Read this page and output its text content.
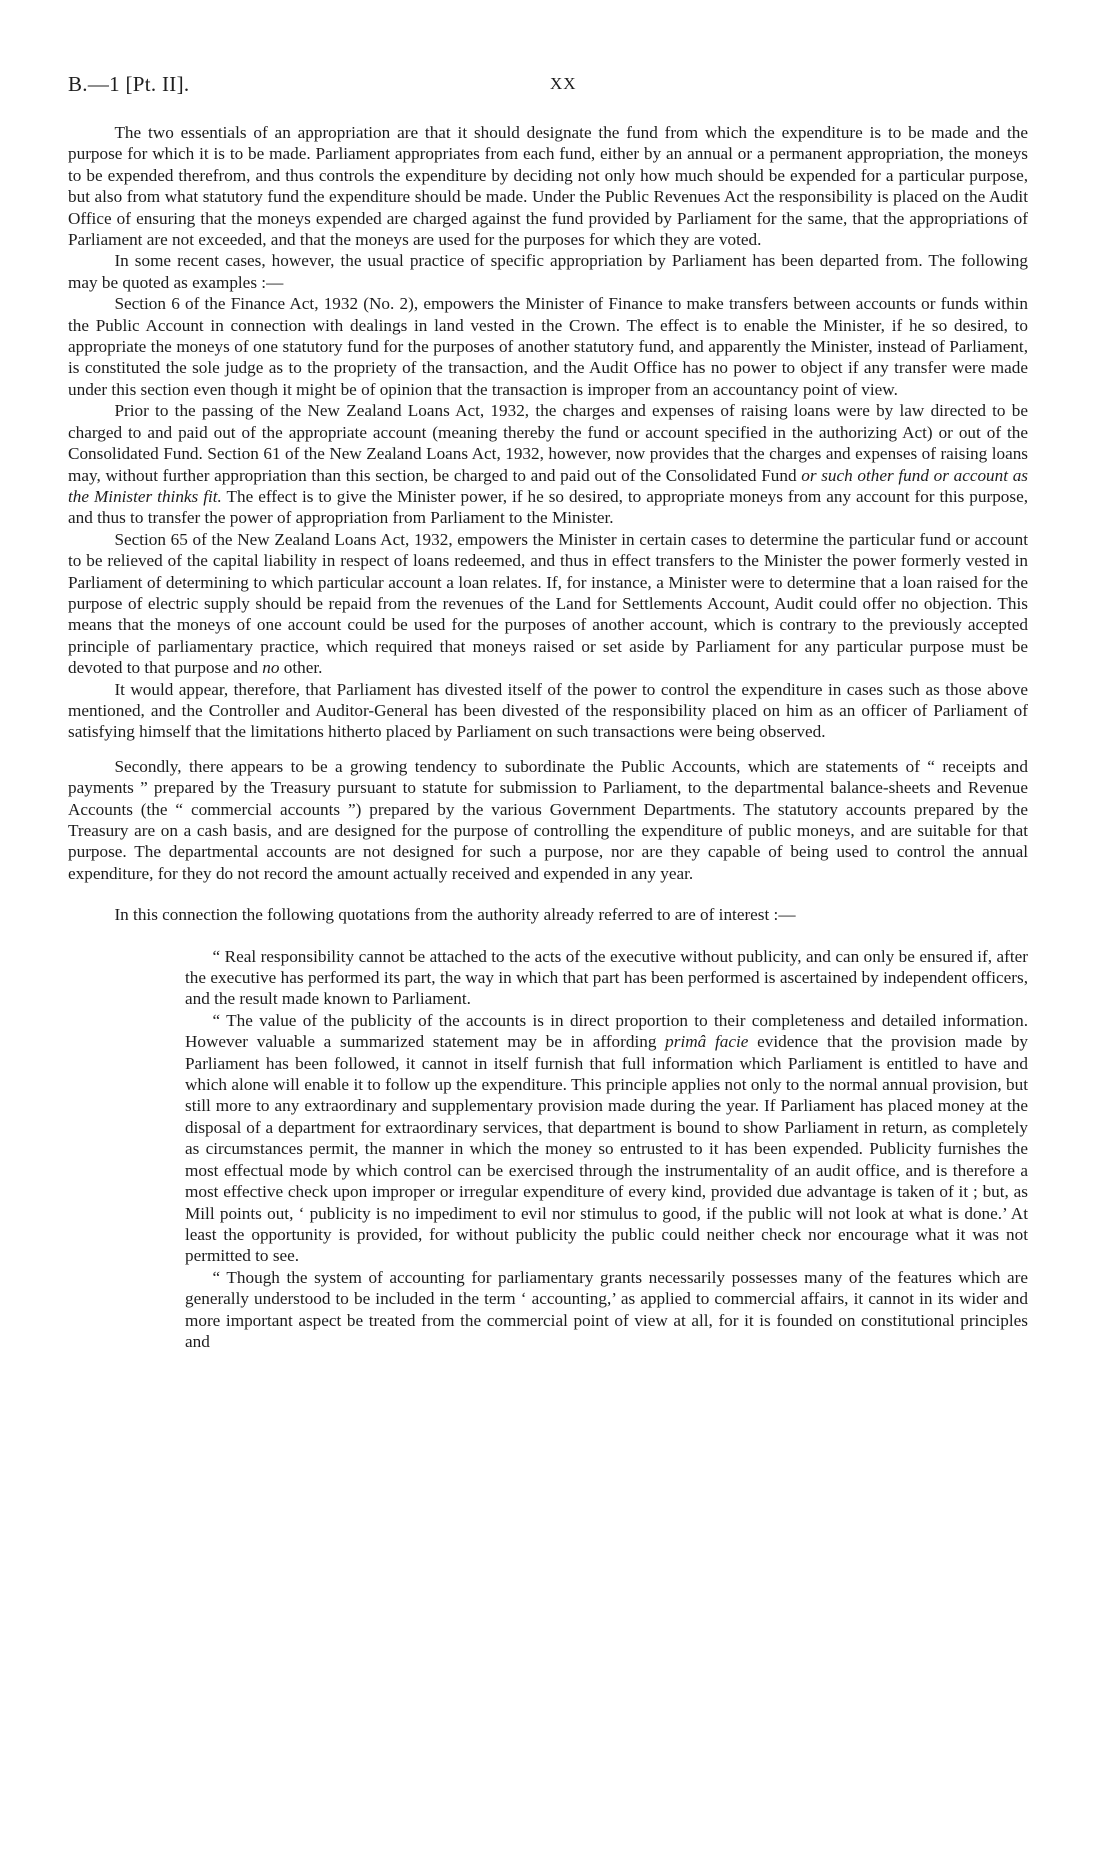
B.—1 [Pt. II].	XX

The two essentials of an appropriation are that it should designate the fund from which the expenditure is to be made and the purpose for which it is to be made. Parliament appropriates from each fund, either by an annual or a permanent appropriation, the moneys to be expended therefrom, and thus controls the expenditure by deciding not only how much should be expended for a particular purpose, but also from what statutory fund the expenditure should be made. Under the Public Revenues Act the responsibility is placed on the Audit Office of ensuring that the moneys expended are charged against the fund provided by Parliament for the same, that the appropriations of Parliament are not exceeded, and that the moneys are used for the purposes for which they are voted.

In some recent cases, however, the usual practice of specific appropriation by Parliament has been departed from. The following may be quoted as examples :—

Section 6 of the Finance Act, 1932 (No. 2), empowers the Minister of Finance to make transfers between accounts or funds within the Public Account in connection with dealings in land vested in the Crown. The effect is to enable the Minister, if he so desired, to appropriate the moneys of one statutory fund for the purposes of another statutory fund, and apparently the Minister, instead of Parliament, is constituted the sole judge as to the propriety of the transaction, and the Audit Office has no power to object if any transfer were made under this section even though it might be of opinion that the transaction is improper from an accountancy point of view.

Prior to the passing of the New Zealand Loans Act, 1932, the charges and expenses of raising loans were by law directed to be charged to and paid out of the appropriate account (meaning thereby the fund or account specified in the authorizing Act) or out of the Consolidated Fund. Section 61 of the New Zealand Loans Act, 1932, however, now provides that the charges and expenses of raising loans may, without further appropriation than this section, be charged to and paid out of the Consolidated Fund or such other fund or account as the Minister thinks fit. The effect is to give the Minister power, if he so desired, to appropriate moneys from any account for this purpose, and thus to transfer the power of appropriation from Parliament to the Minister.

Section 65 of the New Zealand Loans Act, 1932, empowers the Minister in certain cases to determine the particular fund or account to be relieved of the capital liability in respect of loans redeemed, and thus in effect transfers to the Minister the power formerly vested in Parliament of determining to which particular account a loan relates. If, for instance, a Minister were to determine that a loan raised for the purpose of electric supply should be repaid from the revenues of the Land for Settlements Account, Audit could offer no objection. This means that the moneys of one account could be used for the purposes of another account, which is contrary to the previously accepted principle of parliamentary practice, which required that moneys raised or set aside by Parliament for any particular purpose must be devoted to that purpose and no other.

It would appear, therefore, that Parliament has divested itself of the power to control the expenditure in cases such as those above mentioned, and the Controller and Auditor-General has been divested of the responsibility placed on him as an officer of Parliament of satisfying himself that the limitations hitherto placed by Parliament on such transactions were being observed.

Secondly, there appears to be a growing tendency to subordinate the Public Accounts, which are statements of “ receipts and payments ” prepared by the Treasury pursuant to statute for submission to Parliament, to the departmental balance-sheets and Revenue Accounts (the “ commercial accounts ”) prepared by the various Government Departments. The statutory accounts prepared by the Treasury are on a cash basis, and are designed for the purpose of controlling the expenditure of public moneys, and are suitable for that purpose. The departmental accounts are not designed for such a purpose, nor are they capable of being used to control the annual expenditure, for they do not record the amount actually received and expended in any year.

In this connection the following quotations from the authority already referred to are of interest :—

“ Real responsibility cannot be attached to the acts of the executive without publicity, and can only be ensured if, after the executive has performed its part, the way in which that part has been performed is ascertained by independent officers, and the result made known to Parliament.

“ The value of the publicity of the accounts is in direct proportion to their completeness and detailed information. However valuable a summarized statement may be in affording primâ facie evidence that the provision made by Parliament has been followed, it cannot in itself furnish that full information which Parliament is entitled to have and which alone will enable it to follow up the expenditure. This principle applies not only to the normal annual provision, but still more to any extraordinary and supplementary provision made during the year. If Parliament has placed money at the disposal of a department for extraordinary services, that department is bound to show Parliament in return, as completely as circumstances permit, the manner in which the money so entrusted to it has been expended. Publicity furnishes the most effectual mode by which control can be exercised through the instrumentality of an audit office, and is therefore a most effective check upon improper or irregular expenditure of every kind, provided due advantage is taken of it ; but, as Mill points out, ‘ publicity is no impediment to evil nor stimulus to good, if the public will not look at what is done.’ At least the opportunity is provided, for without publicity the public could neither check nor encourage what it was not permitted to see.

“ Though the system of accounting for parliamentary grants necessarily possesses many of the features which are generally understood to be included in the term ‘ accounting,’ as applied to commercial affairs, it cannot in its wider and more important aspect be treated from the commercial point of view at all, for it is founded on constitutional principles and
